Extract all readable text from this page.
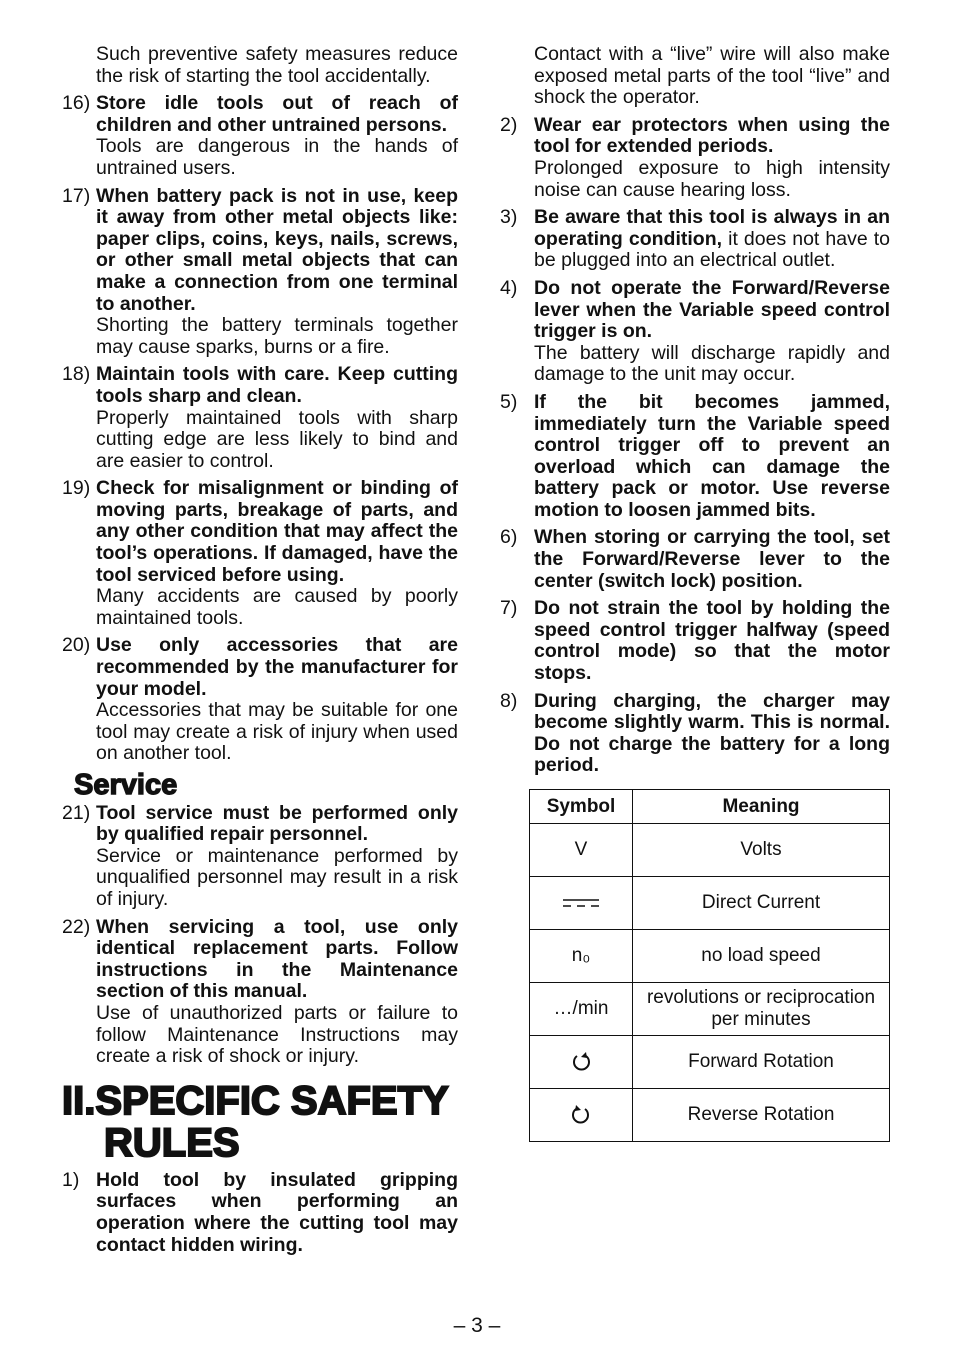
Such preventive safety measures reduce the risk of starting the tool accidentally.

16) Store idle tools out of reach of children and other untrained persons.
Tools are dangerous in the hands of untrained users.
17) When battery pack is not in use, keep it away from other metal objects like: paper clips, coins, keys, nails, screws, or other small metal objects that can make a connection from one terminal to another.
Shorting the battery terminals together may cause sparks, burns or a fire.
18) Maintain tools with care. Keep cutting tools sharp and clean.
Properly maintained tools with sharp cutting edge are less likely to bind and are easier to control.
19) Check for misalignment or binding of moving parts, breakage of parts, and any other condition that may affect the tool’s operations. If damaged, have the tool serviced before using.
Many accidents are caused by poorly maintained tools.
20) Use only accessories that are recommended by the manufacturer for your model.
Accessories that may be suitable for one tool may create a risk of injury when used on another tool.
Service
21) Tool service must be performed only by qualified repair personnel.
Service or maintenance performed by unqualified personnel may result in a risk of injury.
22) When servicing a tool, use only identical replacement parts. Follow instructions in the Maintenance section of this manual.
Use of unauthorized parts or failure to follow Maintenance Instructions may create a risk of shock or injury.
II.SPECIFIC SAFETY
RULES
1) Hold tool by insulated gripping surfaces when performing an operation where the cutting tool may contact hidden wiring.

Contact with a “live” wire will also make exposed metal parts of the tool “live” and shock the operator.

2) Wear ear protectors when using the tool for extended periods.
Prolonged exposure to high intensity noise can cause hearing loss.
3) Be aware that this tool is always in an operating condition, it does not have to be plugged into an electrical outlet.
4) Do not operate the Forward/Reverse lever when the Variable speed control trigger is on.
The battery will discharge rapidly and damage to the unit may occur.
5) If the bit becomes jammed, immediately turn the Variable speed control trigger off to prevent an overload which can damage the battery pack or motor. Use reverse motion to loosen jammed bits.
6) When storing or carrying the tool, set the Forward/Reverse lever to the center (switch lock) position.
7) Do not strain the tool by holding the speed control trigger halfway (speed control mode) so that the motor stops.
8) During charging, the charger may become slightly warm. This is normal. Do not charge the battery for a long period.
Symbol	Meaning
V	Volts
	Direct Current
n₀	no load speed
…/min	revolutions or reciprocation per minutes
	Forward Rotation
	Reverse Rotation
– 3 –
